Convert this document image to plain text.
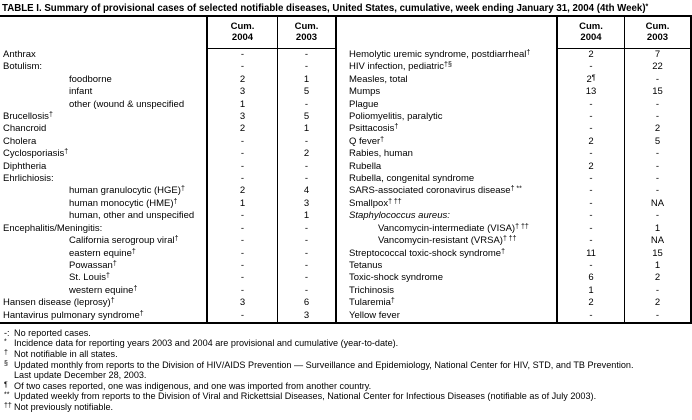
TABLE I. Summary of provisional cases of selected notifiable diseases, United States, cumulative, week ending January 31, 2004 (4th Week)*
Cum.
2004
Cum.
2003
Anthrax	-	-
Botulism:	-	-
foodborne	2	1
infant	3	5
other (wound & unspecified	1	-
Brucellosis†	3	5
Chancroid	2	1
Cholera	-	-
Cyclosporiasis†	-	2
Diphtheria	-	-
Ehrlichiosis:	-	-
human granulocytic (HGE)†	2	4
human monocytic (HME)†	1	3
human, other and unspecified	-	1
Encephalitis/Meningitis:	-	-
California serogroup viral†	-	-
eastern equine†	-	-
Powassan†	-	-
St. Louis†	-	-
western equine†	-	-
Hansen disease (leprosy)†	3	6
Hantavirus pulmonary syndrome†	-	3
Cum.
2004
Cum.
2003
Hemolytic uremic syndrome, postdiarrheal†	2	7
HIV infection, pediatric†§	-	22
Measles, total	2¶	-
Mumps	13	15
Plague	-	-
Poliomyelitis, paralytic	-	-
Psittacosis†	-	2
Q fever†	2	5
Rabies, human	-	-
Rubella	2	-
Rubella, congenital syndrome	-	-
SARS-associated coronavirus disease† **	-	-
Smallpox† ††	-	NA
Staphylococcus aureus:	-	-
Vancomycin-intermediate (VISA)† ††	-	1
Vancomycin-resistant (VRSA)† ††	-	NA
Streptococcal toxic-shock syndrome†	11	15
Tetanus	-	1
Toxic-shock syndrome	6	2
Trichinosis	1	-
Tularemia†	2	2
Yellow fever	-	-
-: No reported cases.
* Incidence data for reporting years 2003 and 2004 are provisional and cumulative (year-to-date).
† Not notifiable in all states.
§ Updated monthly from reports to the Division of HIV/AIDS Prevention — Surveillance and Epidemiology, National Center for HIV, STD, and TB Prevention.
Last update December 28, 2003.
¶ Of two cases reported, one was indigenous, and one was imported from another country.
** Updated weekly from reports to the Division of Viral and Rickettsial Diseases, National Center for Infectious Diseases (notifiable as of July 2003).
†† Not previously notifiable.
